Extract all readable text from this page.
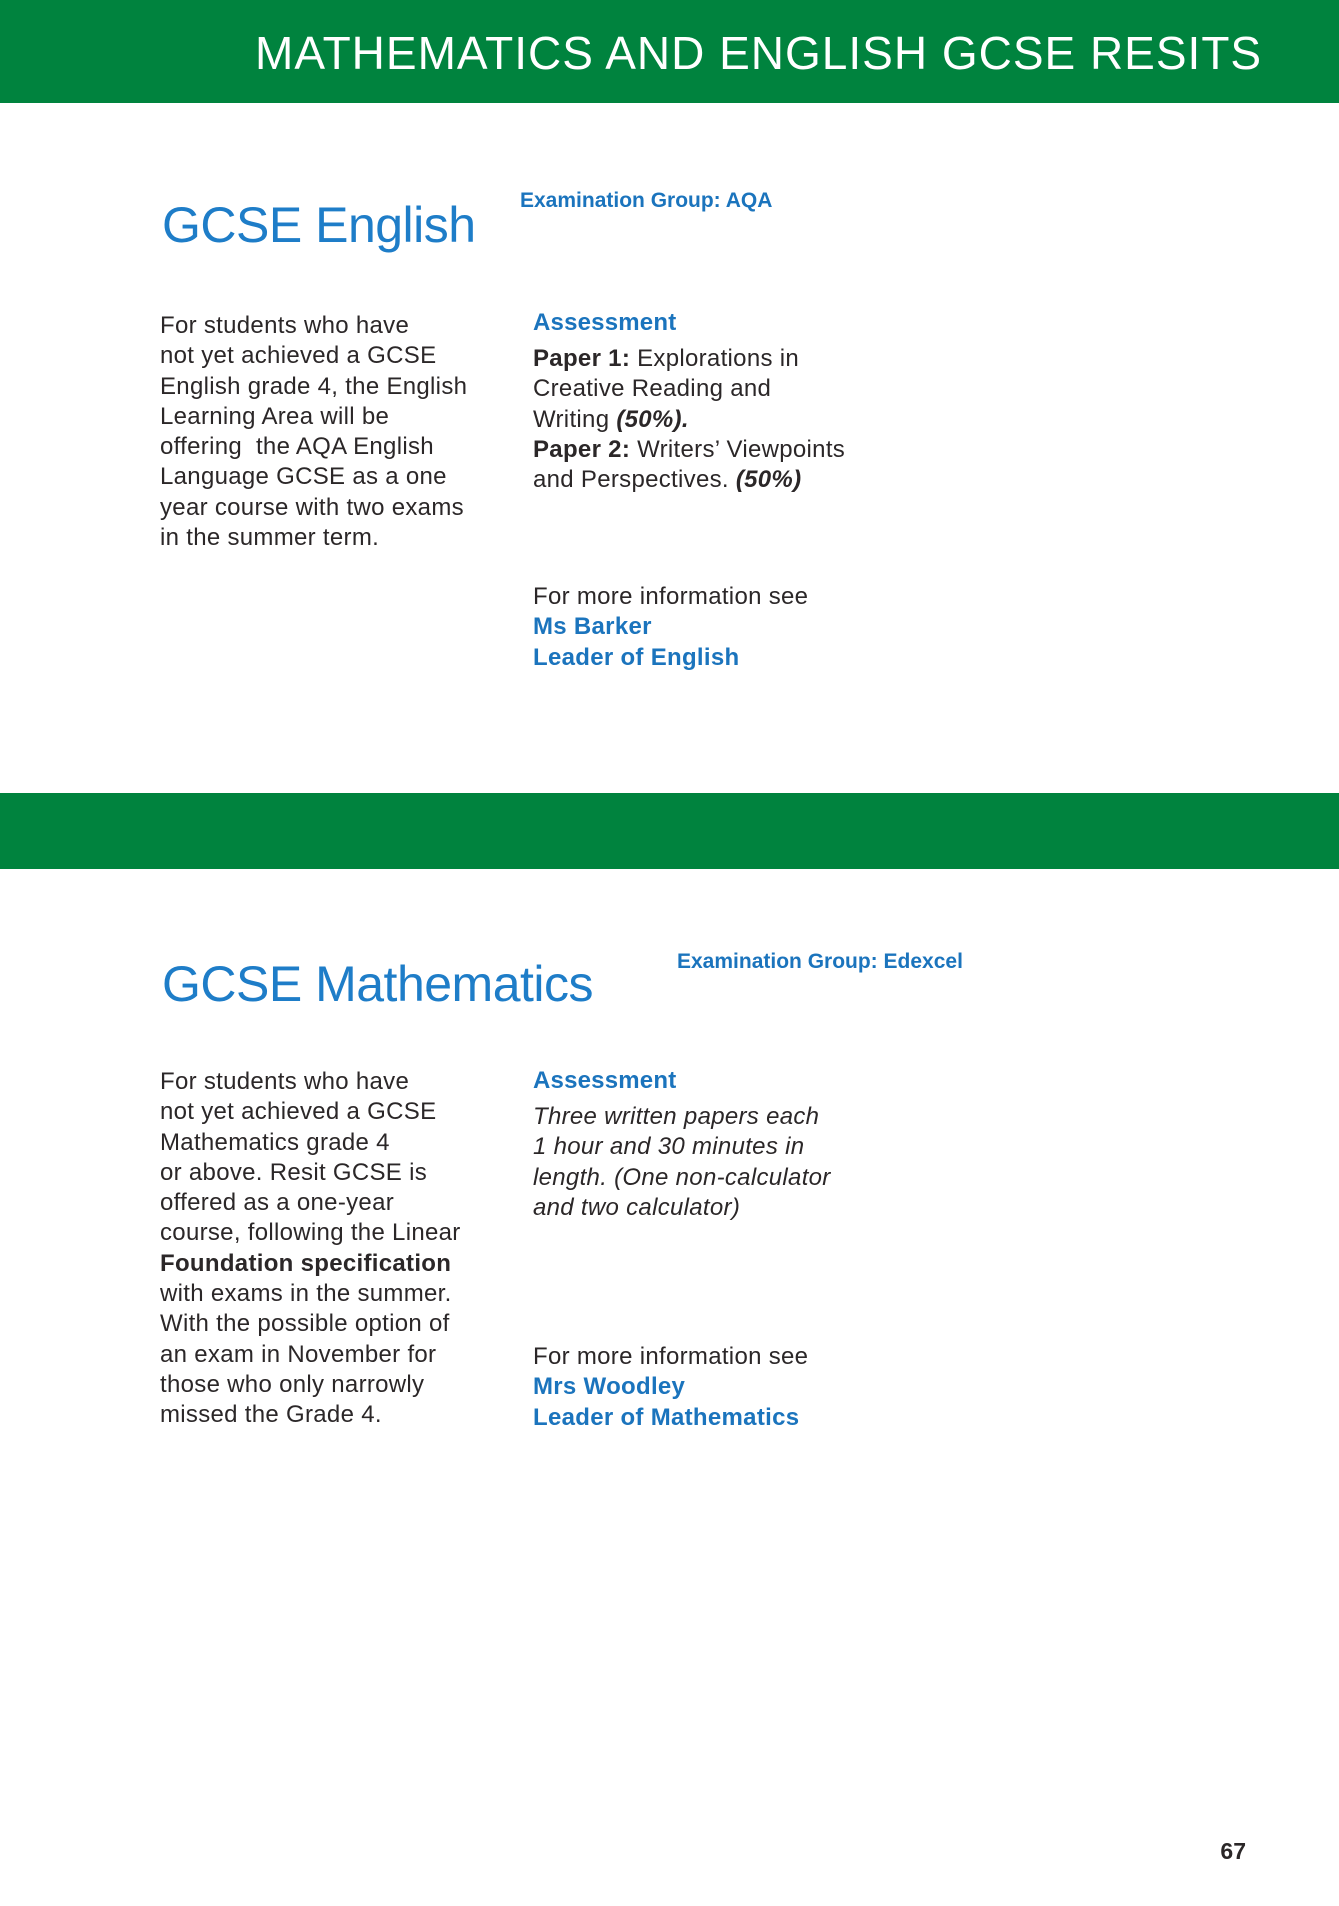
MATHEMATICS AND ENGLISH GCSE RESITS
GCSE English Examination Group: AQA
For students who have
not yet achieved a GCSE
English grade 4, the English
Learning Area will be
offering  the AQA English
Language GCSE as a one
year course with two exams
in the summer term.
Assessment
Paper 1: Explorations in
Creative Reading and
Writing (50%).
Paper 2: Writers’ Viewpoints
and Perspectives. (50%)
For more information see
Ms Barker
Leader of English
GCSE Mathematics	Examination Group: Edexcel
For students who have
not yet achieved a GCSE
Mathematics grade 4
or above. Resit GCSE is
offered as a one-year
course, following the Linear
Foundation specification
with exams in the summer.
With the possible option of
an exam in November for
those who only narrowly
missed the Grade 4.
Assessment
Three written papers each
1 hour and 30 minutes in
length. (One non-calculator
and two calculator)
For more information see
Mrs Woodley
Leader of Mathematics
67
